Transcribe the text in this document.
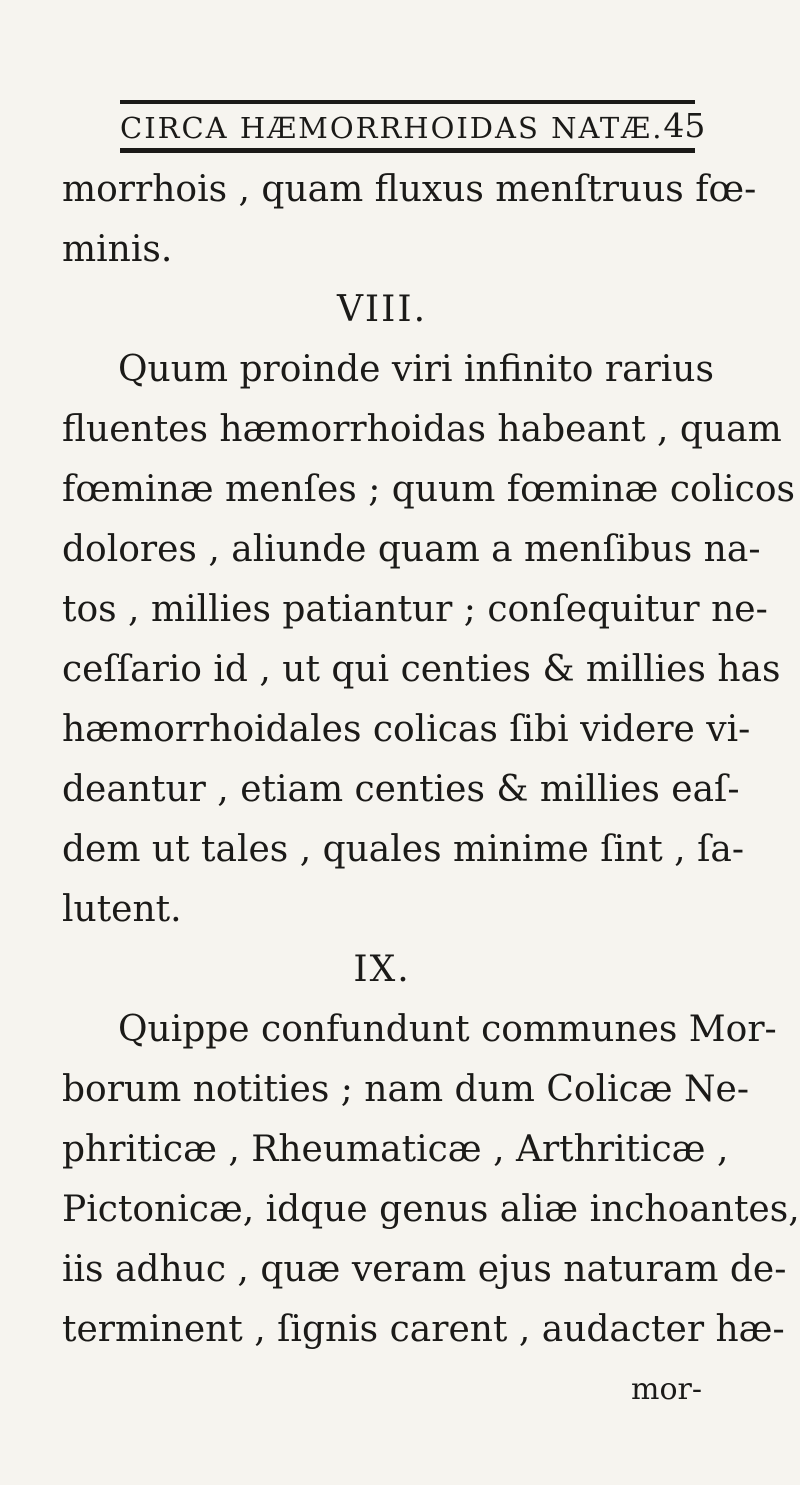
CIRCA HÆMORRHOIDAS NATÆ. 45
morrhois , quam fluxus menſtruus fœ-
minis.
VIII.
Quum proinde viri infinito rarius
fluentes hæmorrhoidas habeant , quam
fœminæ menſes ; quum fœminæ colicos
dolores , aliunde quam a menſibus na-
tos , millies patiantur ; conſequitur ne-
ceſſario id , ut qui centies & millies has
hæmorrhoidales colicas ſibi videre vi-
deantur , etiam centies & millies eaſ-
dem ut tales , quales minime ſint , ſa-
lutent.
IX.
Quippe confundunt communes Mor-
borum notities ; nam dum Colicæ Ne-
phriticæ , Rheumaticæ , Arthriticæ ,
Pictonicæ, idque genus aliæ inchoantes,
iis adhuc , quæ veram ejus naturam de-
terminent , ſignis carent , audacter hæ-
mor-
